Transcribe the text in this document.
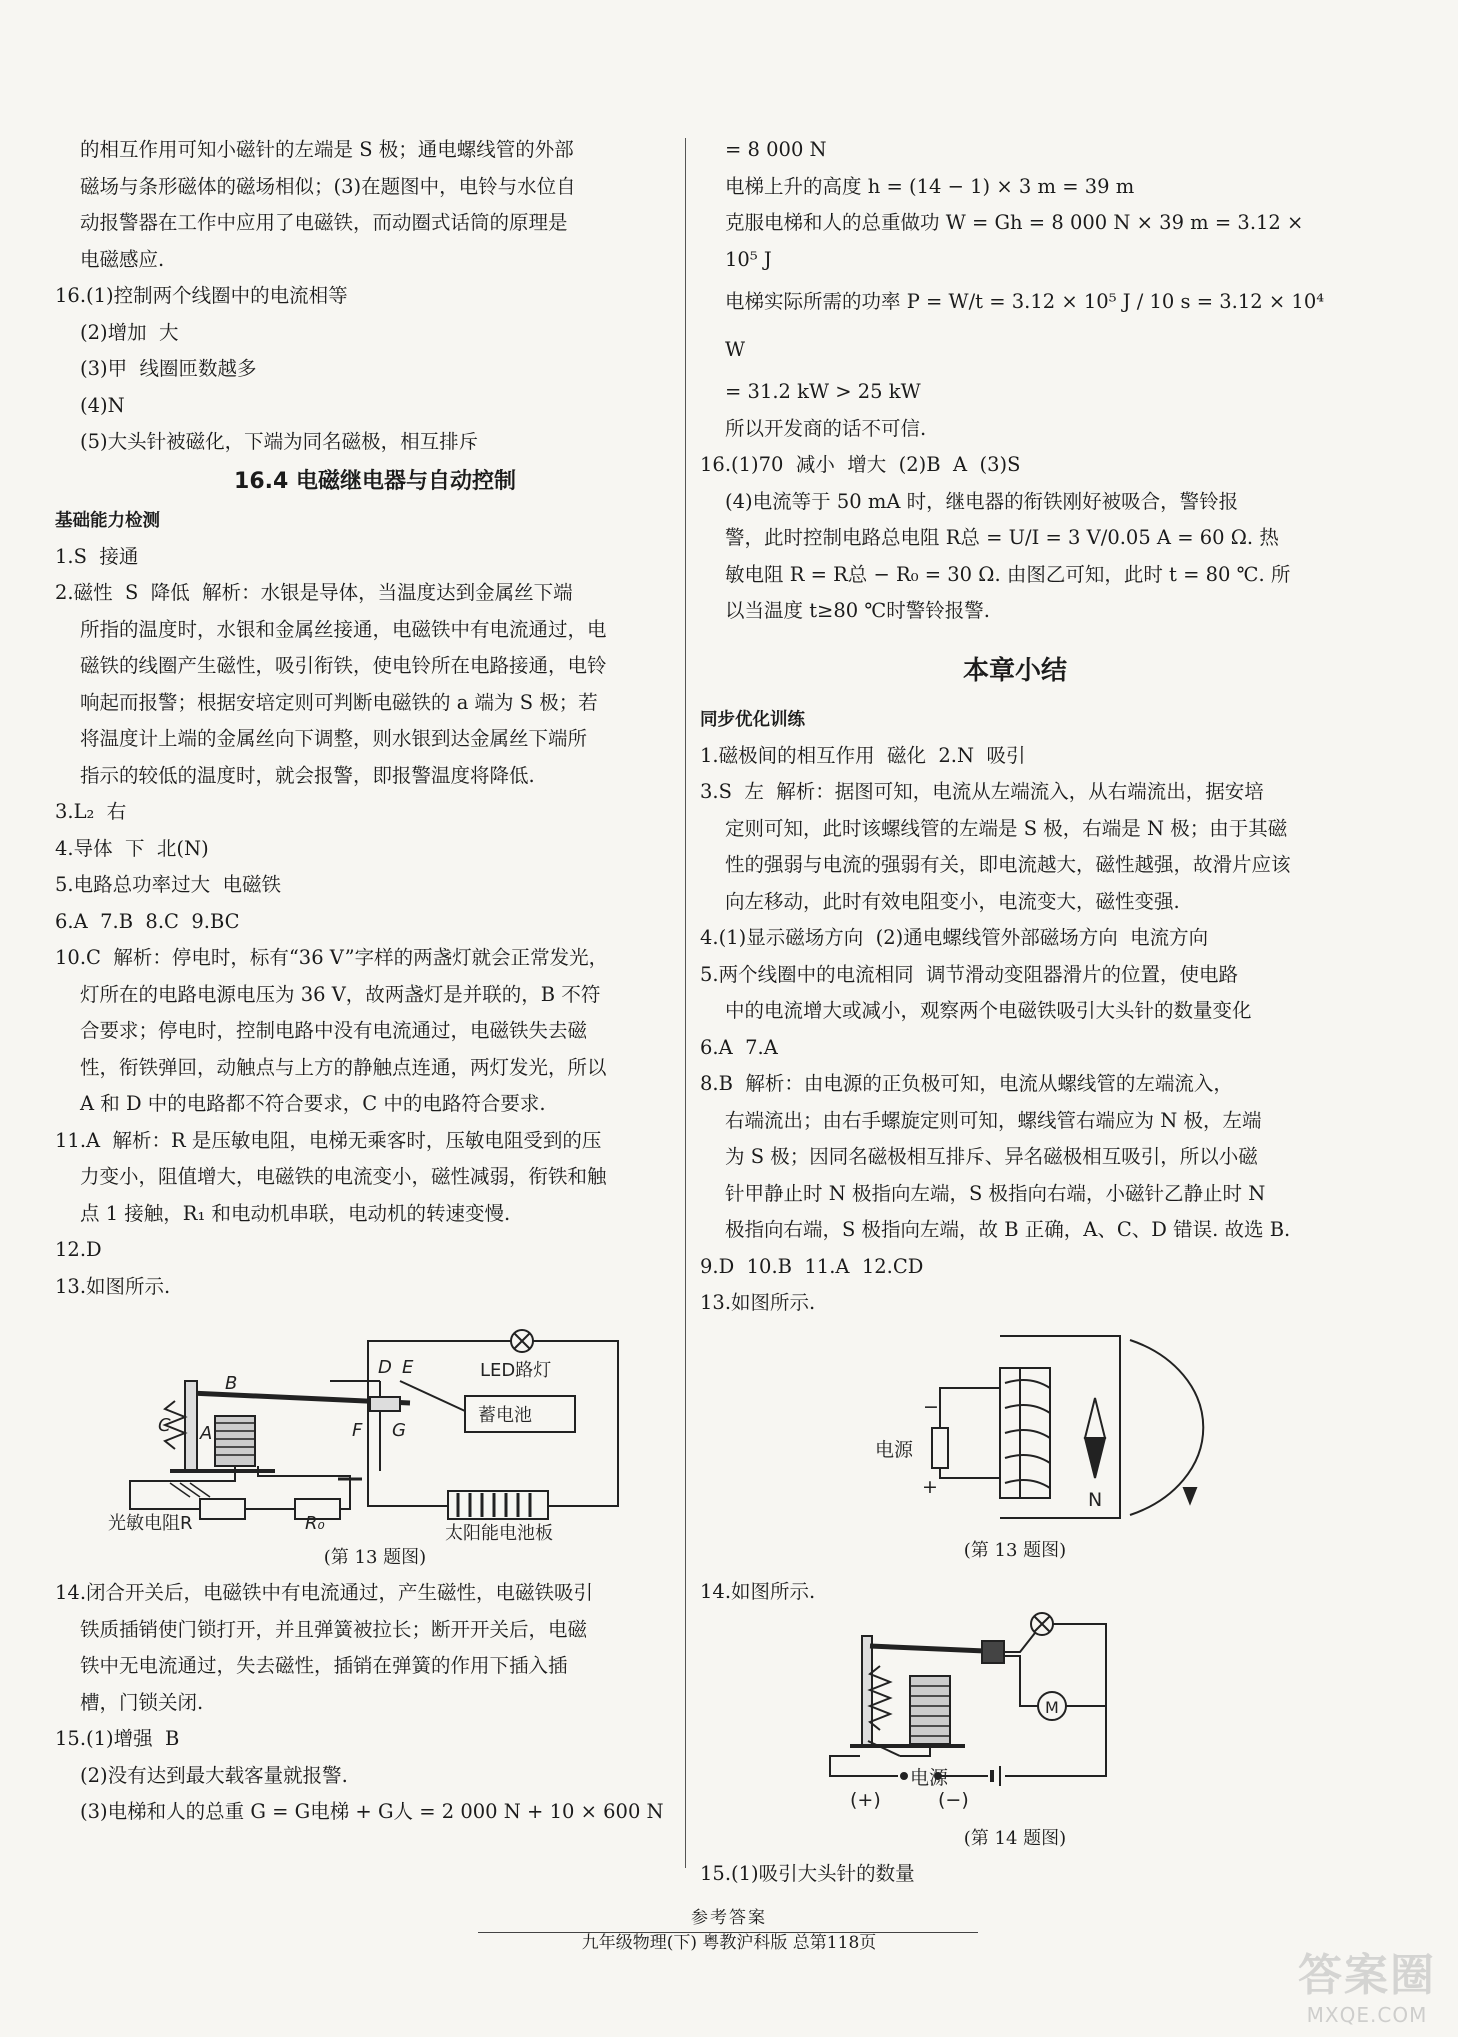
的相互作用可知小磁针的左端是 S 极；通电螺线管的外部
磁场与条形磁体的磁场相似；(3)在题图中，电铃与水位自
动报警器在工作中应用了电磁铁，而动圈式话筒的原理是
电磁感应.
16.(1)控制两个线圈中的电流相等
(2)增加  大
(3)甲  线圈匝数越多
(4)N
(5)大头针被磁化，下端为同名磁极，相互排斥
16.4 电磁继电器与自动控制
基础能力检测
1.S  接通
2.磁性  S  降低  解析：水银是导体，当温度达到金属丝下端
所指的温度时，水银和金属丝接通，电磁铁中有电流通过，电
磁铁的线圈产生磁性，吸引衔铁，使电铃所在电路接通，电铃
响起而报警；根据安培定则可判断电磁铁的 a 端为 S 极；若
将温度计上端的金属丝向下调整，则水银到达金属丝下端所
指示的较低的温度时，就会报警，即报警温度将降低.
3.L₂  右
4.导体  下  北(N)
5.电路总功率过大  电磁铁
6.A  7.B  8.C  9.BC
10.C  解析：停电时，标有“36 V”字样的两盏灯就会正常发光，
灯所在的电路电源电压为 36 V，故两盏灯是并联的，B 不符
合要求；停电时，控制电路中没有电流通过，电磁铁失去磁
性，衔铁弹回，动触点与上方的静触点连通，两灯发光，所以
A 和 D 中的电路都不符合要求，C 中的电路符合要求.
11.A  解析：R 是压敏电阻，电梯无乘客时，压敏电阻受到的压
力变小，阻值增大，电磁铁的电流变小，磁性减弱，衔铁和触
点 1 接触，R₁ 和电动机串联，电动机的转速变慢.
12.D
13.如图所示.
LED路灯
蓄电池
D E
F G
B
C A
光敏电阻R	R₀	太阳能电池板
(第 13 题图)
14.闭合开关后，电磁铁中有电流通过，产生磁性，电磁铁吸引
铁质插销使门锁打开，并且弹簧被拉长；断开开关后，电磁
铁中无电流通过，失去磁性，插销在弹簧的作用下插入插
槽，门锁关闭.
15.(1)增强  B
(2)没有达到最大载客量就报警.
(3)电梯和人的总重 G = G电梯 + G人 = 2 000 N + 10 × 600 N
= 8 000 N
电梯上升的高度 h = (14 − 1) × 3 m = 39 m
克服电梯和人的总重做功 W = Gh = 8 000 N × 39 m = 3.12 ×
10⁵ J
电梯实际所需的功率 P = W/t = 3.12 × 10⁵ J / 10 s = 3.12 × 10⁴ W
= 31.2 kW > 25 kW
所以开发商的话不可信.
16.(1)70  减小  增大  (2)B  A  (3)S
(4)电流等于 50 mA 时，继电器的衔铁刚好被吸合，警铃报
警，此时控制电路总电阻 R总 = U/I = 3 V/0.05 A = 60 Ω. 热
敏电阻 R = R总 − R₀ = 30 Ω. 由图乙可知，此时 t = 80 ℃. 所
以当温度 t≥80 ℃时警铃报警.
本章小结
同步优化训练
1.磁极间的相互作用  磁化  2.N  吸引
3.S  左  解析：据图可知，电流从左端流入，从右端流出，据安培
定则可知，此时该螺线管的左端是 S 极，右端是 N 极；由于其磁
性的强弱与电流的强弱有关，即电流越大，磁性越强，故滑片应该
向左移动，此时有效电阻变小，电流变大，磁性变强.
4.(1)显示磁场方向  (2)通电螺线管外部磁场方向  电流方向
5.两个线圈中的电流相同  调节滑动变阻器滑片的位置，使电路
中的电流增大或减小，观察两个电磁铁吸引大头针的数量变化
6.A  7.A
8.B  解析：由电源的正负极可知，电流从螺线管的左端流入，
右端流出；由右手螺旋定则可知，螺线管右端应为 N 极，左端
为 S 极；因同名磁极相互排斥、异名磁极相互吸引，所以小磁
针甲静止时 N 极指向左端，S 极指向右端，小磁针乙静止时 N
极指向右端，S 极指向左端，故 B 正确，A、C、D 错误. 故选 B.
9.D  10.B  11.A  12.CD
13.如图所示.
电源
−
+
N
(第 13 题图)
14.如图所示.
M
电源
(+)	(−)
(第 14 题图)
15.(1)吸引大头针的数量
参考答案
九年级物理(下) 粤教沪科版 总第118页
答案圈
MXQE.COM
